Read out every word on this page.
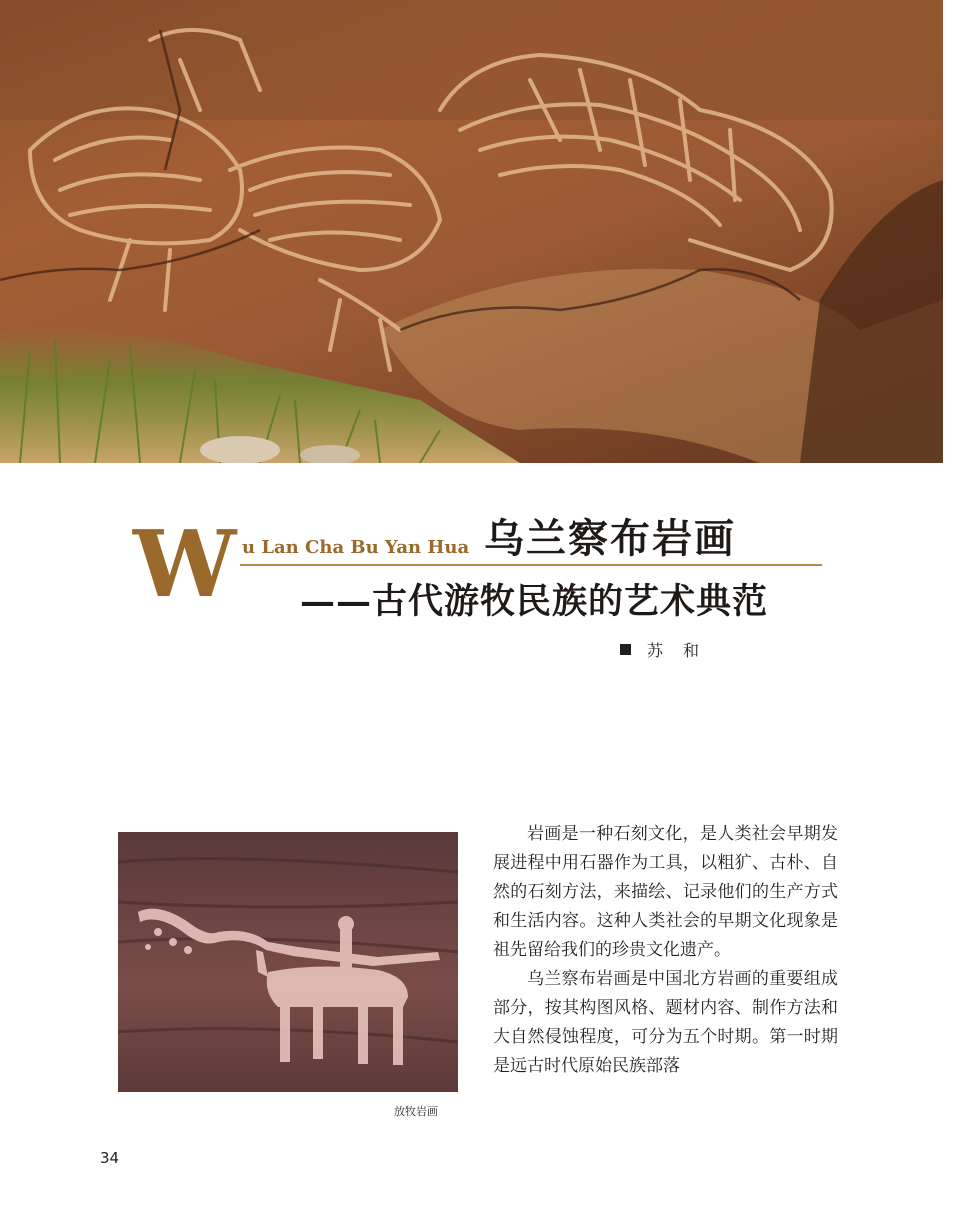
W u Lan Cha Bu Yan Hua 乌兰察布岩画
——古代游牧民族的艺术典范
苏　和
放牧岩画

岩画是一种石刻文化，是人类社会早期发展进程中用石器作为工具，以粗犷、古朴、自然的石刻方法，来描绘、记录他们的生产方式和生活内容。这种人类社会的早期文化现象是祖先留给我们的珍贵文化遗产。

乌兰察布岩画是中国北方岩画的重要组成部分，按其构图风格、题材内容、制作方法和大自然侵蚀程度，可分为五个时期。第一时期是远古时代原始民族部落

34
